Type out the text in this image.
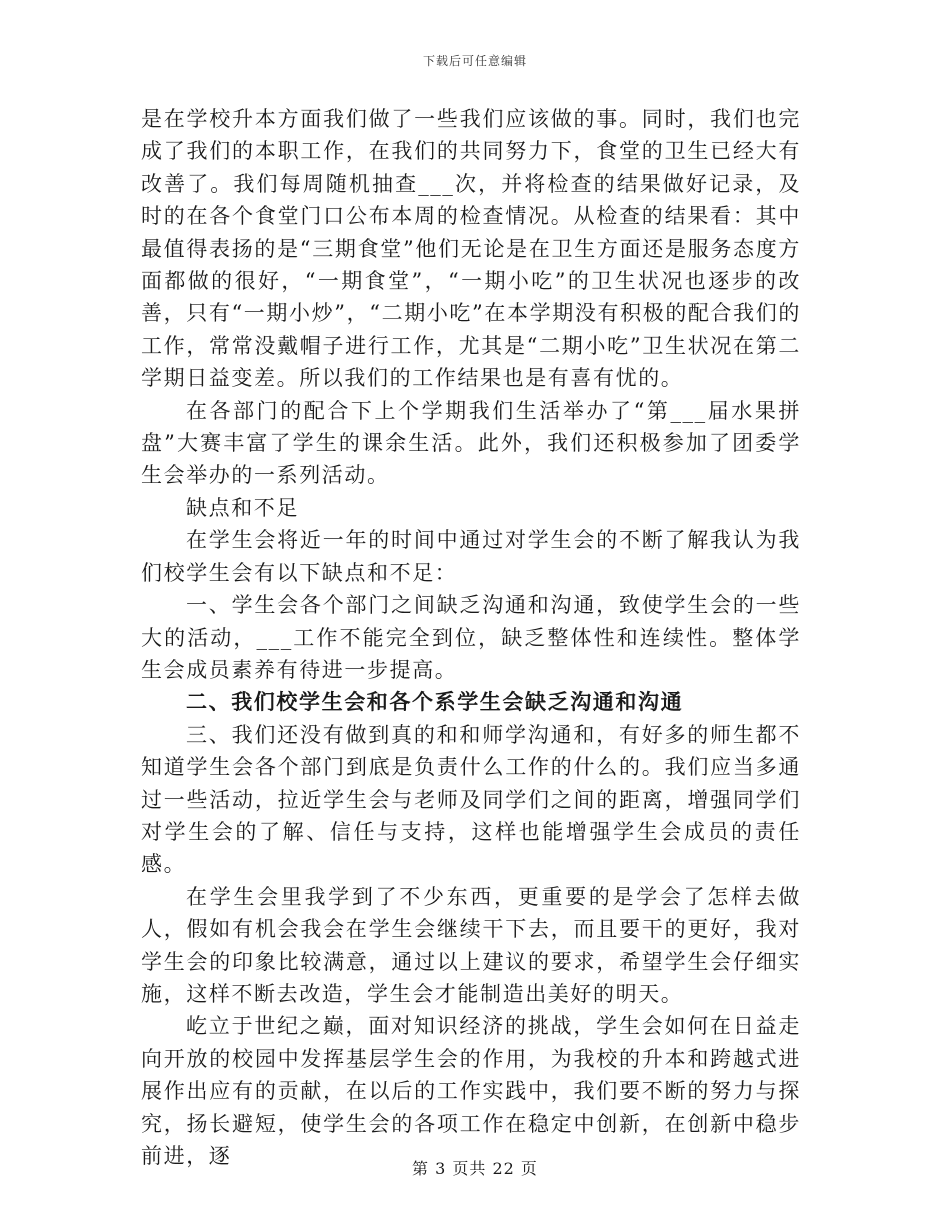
下载后可任意编辑

是在学校升本方面我们做了一些我们应该做的事。同时，我们也完成了我们的本职工作，在我们的共同努力下，食堂的卫生已经大有改善了。我们每周随机抽查___次，并将检查的结果做好记录，及时的在各个食堂门口公布本周的检查情况。从检查的结果看：其中最值得表扬的是“三期食堂”他们无论是在卫生方面还是服务态度方面都做的很好，“一期食堂”，“一期小吃”的卫生状况也逐步的改善，只有“一期小炒”，“二期小吃”在本学期没有积极的配合我们的工作，常常没戴帽子进行工作，尤其是“二期小吃”卫生状况在第二学期日益变差。所以我们的工作结果也是有喜有忧的。

在各部门的配合下上个学期我们生活举办了“第___届水果拼盘”大赛丰富了学生的课余生活。此外，我们还积极参加了团委学生会举办的一系列活动。

缺点和不足

在学生会将近一年的时间中通过对学生会的不断了解我认为我们校学生会有以下缺点和不足：

一、学生会各个部门之间缺乏沟通和沟通，致使学生会的一些大的活动，___工作不能完全到位，缺乏整体性和连续性。整体学生会成员素养有待进一步提高。

二、我们校学生会和各个系学生会缺乏沟通和沟通

三、我们还没有做到真的和和师学沟通和，有好多的师生都不知道学生会各个部门到底是负责什么工作的什么的。我们应当多通过一些活动，拉近学生会与老师及同学们之间的距离，增强同学们对学生会的了解、信任与支持，这样也能增强学生会成员的责任感。

在学生会里我学到了不少东西，更重要的是学会了怎样去做人，假如有机会我会在学生会继续干下去，而且要干的更好，我对学生会的印象比较满意，通过以上建议的要求，希望学生会仔细实施，这样不断去改造，学生会才能制造出美好的明天。

屹立于世纪之巅，面对知识经济的挑战，学生会如何在日益走向开放的校园中发挥基层学生会的作用，为我校的升本和跨越式进展作出应有的贡献，在以后的工作实践中，我们要不断的努力与探究，扬长避短，使学生会的各项工作在稳定中创新，在创新中稳步前进，逐

第 3 页共 22 页
